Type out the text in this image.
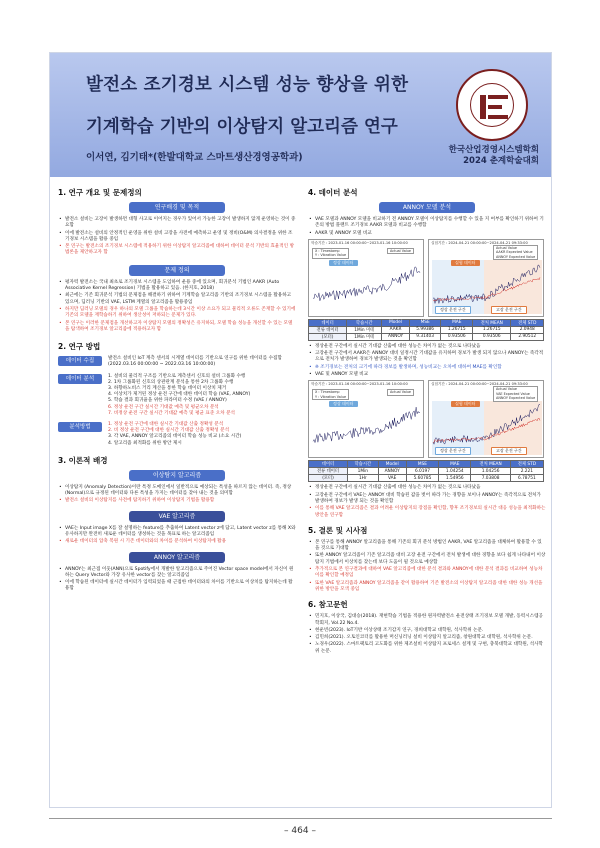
발전소 조기경보 시스템 성능 향상을 위한
기계학습 기반의 이상탐지 알고리즘 연구
이서연, 김기태*(한발대학교 스마트생산경영공학과)
한국산업경영시스템학회
2024 춘계학술대회
1. 연구 개요 및 문제정의
연구배경 및 목적
• 발전소 설비는 고장이 발생하면 대형 사고로 이어지는 경우가 있어서 가능한 고장이 발생하지 않게 운영하는 것이 중요함
• 이에 발전소는 설비의 안정적인 운영을 위한 설비 고장을 사전에 예측하고 운영 및 정비(O&M) 의사결정을 위한 조기경보 시스템을 활용 중임
• 본 연구는 발전소의 조기경보 시스템에 적용하기 위한 이상탐지 알고리즘에 대하여 데이터 분석 기반의 효율적인 방법론을 제안하고자 함
문제 정의
• 평자력 발전소는 국내 최초로 조기경보 시스템을 도입하여 운용 중에 있으며, 회귀분석 기법인 AAKR (Auto Associative Kernel Regression) 기법을 활용하고 있음. (한지호, 2018)
• 최근에는 기존 회귀분석 기법의 문제점을 해결하기 위하여 기계학습 알고리즘 기반의 조기경보 시스템을 활용하고 있으며, 딥러닝 기반의 VAE, LSTM 계열의 알고리즘을 활용중임
• 하지만 딥러닝 모델의 경우 하나의 모델 그룹을 학습하는데 3시간 이상 소요가 되고 물리적 오류도 존재할 수 있기에 기존의 모델을 재학습하기 위하여 생산성이 저하되는 문제가 있다.
• 본 연구는 이러한 문제점을 개선하고자 이상탐지 모델의 정확성은 유지하되, 모델 학습 성능을 개선할 수 있는 모델을 탐색하여 조기경보 알고리즘에 적용하고자 함
2. 연구 방법
데이터 수집	발전소 설비인 IoT 계측 센서의 시계열 데이터를 기반으로 연구를 위한 데이터를 수집함 (2022.03.16 00:00:00 ~ 2022.03.16 10:00:00)
데이터 분석	1. 설비의 물리적 구조를 기반으로 계측센서 신호의 설비 그룹화 수행
2. 1차 그룹화된 신호의 상관관계 분석을 통한 2차 그룹화 수행
3. 하향하노비스 거리 계산을 통한 학습 데이터 이상치 제거
4. 이상치가 제거된 정상 운전 구간에 대한 데이터 학습 (VAE, ANNOY)
5. 학습 결과 회귀율을 위한 파라미터 수정 (VAE / ANNOY)
6. 정상 운전 구간 실시간 기대값 예측 및 평균오차 분석
7. 비정상 운전 구간 실시간 기대값 예측 및 평균 표준 오차 분석
분석방법	1. 정상 운전 구간에 대한 실시간 기대값 산출 정확성 분석
2. 비 정상 운전 구간에 대한 실시간 기대값 산출 정확성 분석
3. 각 VAE, ANNOY 알고리즘의 데이터 학습 성능 비교 (소요 시간)
4. 알고리즘 최적화를 위한 방안 제시
3. 이론적 배경
이상탐지 알고리즘
• 이상탐지 (Anomaly Detection)이란 특정 도메인에서 일반적으로 예상되는 특성을 따르지 않는 데이터. 즉, 정상(Normal)으로 규정된 데이터와 다른 특성을 가지는 데이터를 찾아 내는 것을 의미함
• 발전소 설비의 이상탐지를 사전에 탐지하기 위하여 이상탐지 기법을 활용함
VAE 알고리즘
• VAE는 Input image X를 잘 설명하는 feature를 추출하여 Latent vector z에 담고, Latent vector z를 통해 X와 유사하지만 완전히 새로운 데이터를 생성하는 것을 목표로 하는 알고리즘임
• 새로운 데이터의 압축 복원 시 기존 데이터와의 차이를 분석하여 이상탐지에 활용
ANNOY 알고리즘
• ANNOY는 최근접 이웃(ANN)으로 Spotify에서 개발한 알고리즘으로 주어진 Vector space model에서 자신이 원하는 Query Vector와 가장 유사한 vector를 찾는 알고리즘임
• 이에 학습된 데이터에 실시간 데이터가 입력되었을 때 근접한 데이터와의 차이를 기반으로 이상치를 탐지하는데 활용함
4. 데이터 분석
ANNOY 모델 분석
• VAE 모델과 ANNOY 모델을 비교하기 전 ANNOY 모델이 이상탐지를 수행할 수 있을 지 여부를 확인하기 위하여 기존의 방법 플랜트 조기경보 AAKR 모델과 비교를 수행함
• AAKR 및 ANNOY 모델 비교
학습기간 : 2023-01-16 00:00:00~2023-01-16 10:00:00
X : Timestamp
Y : Vibration Value
Actual Value
정상 데이터
실험기간 : 2024-04-21 00:00:00~2024-04-21 09:33:00
Actual Value
AAKR Expected Value
ANNOY Expected Value
실험 데이터
정상 운전 구간	고장 운전 구간
데이터	학습시간	Model	MSE	MAE	전처 MEAN	전체 STD
전류 데이터	1Min 미테	AAKR	5.99386	1.26715	1.26715	2.0948
(모터)	1Min 미테	ANNOY	9.31403	0.93506	0.93506	2.90512
• 정상운전 구간에서 실시간 기대값 산출에 대한 성능은 차이가 없는 것으로 나타났음
• 고장운전 구간에서 AAKR은 ANNOY 대비 일정시간 기대값을 유지하며 경보가 발생 되지 않으나 ANNOY는 즉각적으로 전처가 발생하여 경보가 발생되는 것을 확인함
• ※ 조기경보는 전처의 크기에 따라 경보를 발생하며, 성능비교는 오차에 대하여 MAE를 확인함
• VAE 및 ANNOY 모델 비교
학습기간 : 2023-01-16 00:00:00~2023-01-16 10:00:00
X : Timestamp
Y : Vibration Value
Actual Value
정상 데이터
실험기간 : 2024-04-21 00:00:00~2024-04-21 09:33:00
Actual Value
VAE Expected Value
ANNOY Expected Value
실험 데이터
정상 운전 구간	고장 운전 구간
데이터	학습시간	Model	MSE	MAE	전처 MEAN	전체 STD
전류 데이터	1Min	ANNOY	6.0197	1.04254	1.04256	2.221
(모터)	1Hr	VAE	5.60785	1.54956	7.03808	6.78751
• 정상운전 구간에서 실시간 기대값 산출에 대한 성능은 차이가 없는 것으로 나타났음
• 고장운전 구간에서 VAE는 ANNOY 대비 학습된 값을 벗어 따라 가는 경향을 보이나 ANNOY는 즉각적으로 전처가 발생하여 경보가 발생 되는 것을 확인함
• 이를 통해 VAE 알고리즘은 결과 어려운 이상탐지의 장점을 확인함, 향후 조기경보의 실시간 대응 성능을 최적화하는 방안을 연구함
5. 결론 및 시사점
• 본 연구를 통해 ANNOY 알고리즘을 통해 기존의 회귀 분석 방법인 AAKR, VAE 알고리즘을 대체하여 활용할 수 있을 것으로 기대함
• 또한 ANNOY 알고리즘이 기존 알고리즘 대비 고장 운전 구간에서 전처 발생에 대한 경향을 보다 쉽게 나타내어 이상탐지 기법에서 이상치를 찾는데 보다 도움이 될 것으로 예상함
• 추가적으로 본 연구결과에 대하여 VAE 알고리즘에 대한 분석 결과와 ANNOY에 대한 분석 결과를 비교하여 성능차이를 확인할 예정임
• 또한 VAE 알고리즘과 ANNOY 알고리즘을 같이 활용하여 기존 발전소의 이상탐지 알고리즘 대한 대한 성능 개선을 위한 방안을 모색 중임
6. 참고문헌
• 민지호, 이상국, 김대승(2018). 재현학습 기법을 적용한 원자력발전소 운전상태 조기경보 모델 개발, 동력시스템공학회지, Vol.22 No.4.
• 현운빈(2023). IoT기반 이상상태 조기감지 연구, 경희대학교 대학원, 석사학위 논문.
• 김민희(2021). 오토인코더를 활용한 머신닝러닝 설비 이상탐지 알고리즘, 창원대학교 대학원, 석사학위 논문.
• 노경우(2022). 스마트팩토리 고도화를 위한 제조설비 이상탐지 프로세스 설계 및 구현, 충북대학교 대학원, 석사학위 논문.
– 464 –
